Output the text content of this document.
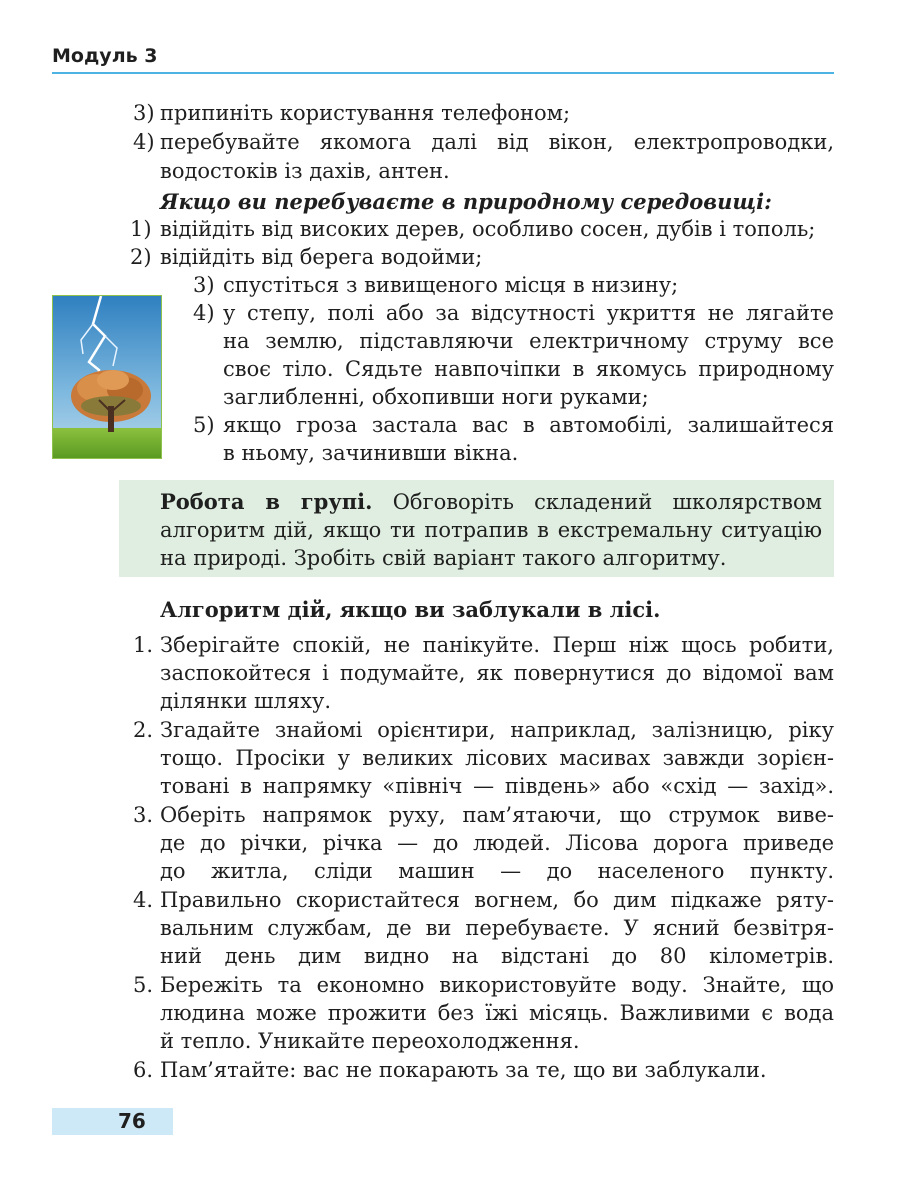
Модуль 3
3) припиніть користування телефоном;
4) перебувайте якомога далі від вікон, електропроводки,
водостоків із дахів, антен.
Якщо ви перебуваєте в природному середовищі:
1) відійдіть від високих дерев, особливо сосен, дубів і тополь;
2) відійдіть від берега водойми;
3) спустіться з вивищеного місця в низину;
4) у степу, полі або за відсутності укриття не лягайте
на землю, підставляючи електричному струму все
своє тіло. Сядьте навпочіпки в якомусь природному
заглибленні, обхопивши ноги руками;
5) якщо гроза застала вас в автомобілі, залишайтеся
в ньому, зачинивши вікна.
Робота в групі. Обговоріть складений школярством
алгоритм дій, якщо ти потрапив в екстремальну ситуацію
на природі. Зробіть свій варіант такого алгоритму.
Алгоритм дій, якщо ви заблукали в лісі.
1. Зберігайте спокій, не панікуйте. Перш ніж щось робити,
заспокойтеся і подумайте, як повернутися до відомої вам
ділянки шляху.
2. Згадайте знайомі орієнтири, наприклад, залізницю, ріку
тощо. Просіки у великих лісових масивах завжди зорієн-
товані в напрямку «північ — південь» або «схід — захід».
3. Оберіть напрямок руху, пам’ятаючи, що струмок виве-
де до річки, річка — до людей. Лісова дорога приведе
до житла, сліди машин — до населеного пункту.
4. Правильно скористайтеся вогнем, бо дим підкаже ряту-
вальним службам, де ви перебуваєте. У ясний безвітря-
ний день дим видно на відстані до 80 кілометрів.
5. Бережіть та економно використовуйте воду. Знайте, що
людина може прожити без їжі місяць. Важливими є вода
й тепло. Уникайте переохолодження.
6. Пам’ятайте: вас не покарають за те, що ви заблукали.
76
